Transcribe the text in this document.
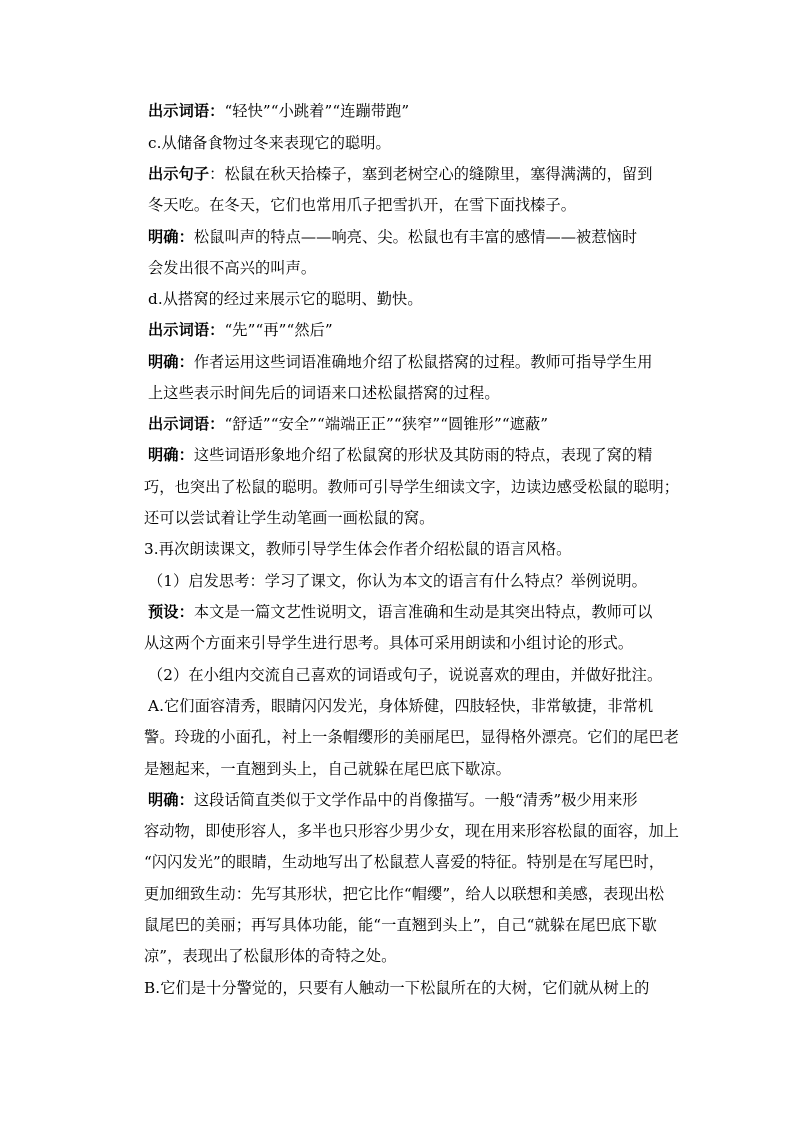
出示词语：“轻快”“小跳着”“连蹦带跑”
c.从储备食物过冬来表现它的聪明。
出示句子：松鼠在秋天拾榛子，塞到老树空心的缝隙里，塞得满满的，留到
冬天吃。在冬天，它们也常用爪子把雪扒开，在雪下面找榛子。
明确：松鼠叫声的特点——响亮、尖。松鼠也有丰富的感情——被惹恼时
会发出很不高兴的叫声。
d.从搭窝的经过来展示它的聪明、勤快。
出示词语：“先”“再”“然后”
明确：作者运用这些词语准确地介绍了松鼠搭窝的过程。教师可指导学生用
上这些表示时间先后的词语来口述松鼠搭窝的过程。
出示词语：“舒适”“安全”“端端正正”“狭窄”“圆锥形”“遮蔽”
明确：这些词语形象地介绍了松鼠窝的形状及其防雨的特点，表现了窝的精
巧，也突出了松鼠的聪明。教师可引导学生细读文字，边读边感受松鼠的聪明；
还可以尝试着让学生动笔画一画松鼠的窝。
3.再次朗读课文，教师引导学生体会作者介绍松鼠的语言风格。
（1）启发思考：学习了课文，你认为本文的语言有什么特点？举例说明。
预设：本文是一篇文艺性说明文，语言准确和生动是其突出特点，教师可以
从这两个方面来引导学生进行思考。具体可采用朗读和小组讨论的形式。
（2）在小组内交流自己喜欢的词语或句子，说说喜欢的理由，并做好批注。
A.它们面容清秀，眼睛闪闪发光，身体矫健，四肢轻快，非常敏捷，非常机
警。玲珑的小面孔，衬上一条帽缨形的美丽尾巴，显得格外漂亮。它们的尾巴老
是翘起来，一直翘到头上，自己就躲在尾巴底下歇凉。
明确：这段话简直类似于文学作品中的肖像描写。一般“清秀”极少用来形
容动物，即使形容人，多半也只形容少男少女，现在用来形容松鼠的面容，加上
“闪闪发光”的眼睛，生动地写出了松鼠惹人喜爱的特征。特别是在写尾巴时，
更加细致生动：先写其形状，把它比作“帽缨”，给人以联想和美感，表现出松
鼠尾巴的美丽；再写具体功能，能“一直翘到头上”，自己“就躲在尾巴底下歇
凉”，表现出了松鼠形体的奇特之处。
B.它们是十分警觉的，只要有人触动一下松鼠所在的大树，它们就从树上的
